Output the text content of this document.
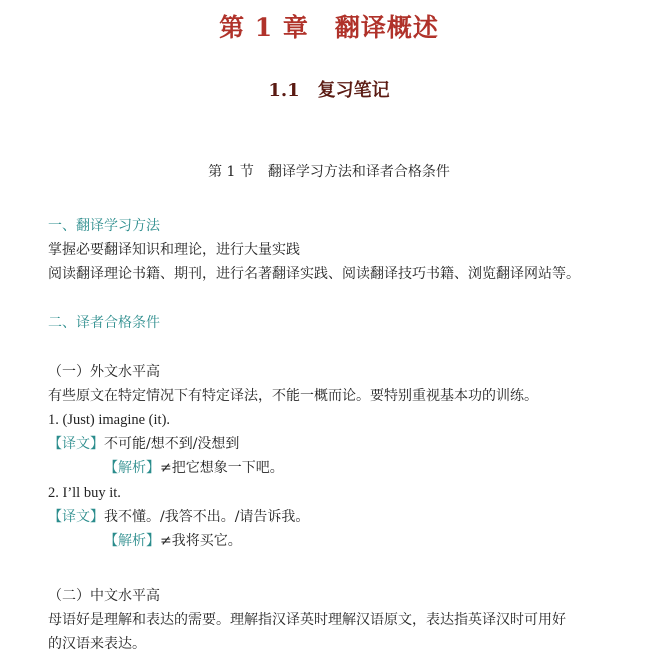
第 1 章　翻译概述
1.1　复习笔记
第 1 节　翻译学习方法和译者合格条件
一、翻译学习方法
掌握必要翻译知识和理论，进行大量实践
阅读翻译理论书籍、期刊，进行名著翻译实践、阅读翻译技巧书籍、浏览翻译网站等。
二、译者合格条件
（一）外文水平高
有些原文在特定情况下有特定译法，不能一概而论。要特别重视基本功的训练。
1. (Just) imagine (it).
【译文】不可能/想不到/没想到
【解析】≠把它想象一下吧。
2. I’ll buy it.
【译文】我不懂。/我答不出。/请告诉我。
【解析】≠我将买它。
（二）中文水平高
母语好是理解和表达的需要。理解指汉译英时理解汉语原文，表达指英译汉时可用好
的汉语来表达。
